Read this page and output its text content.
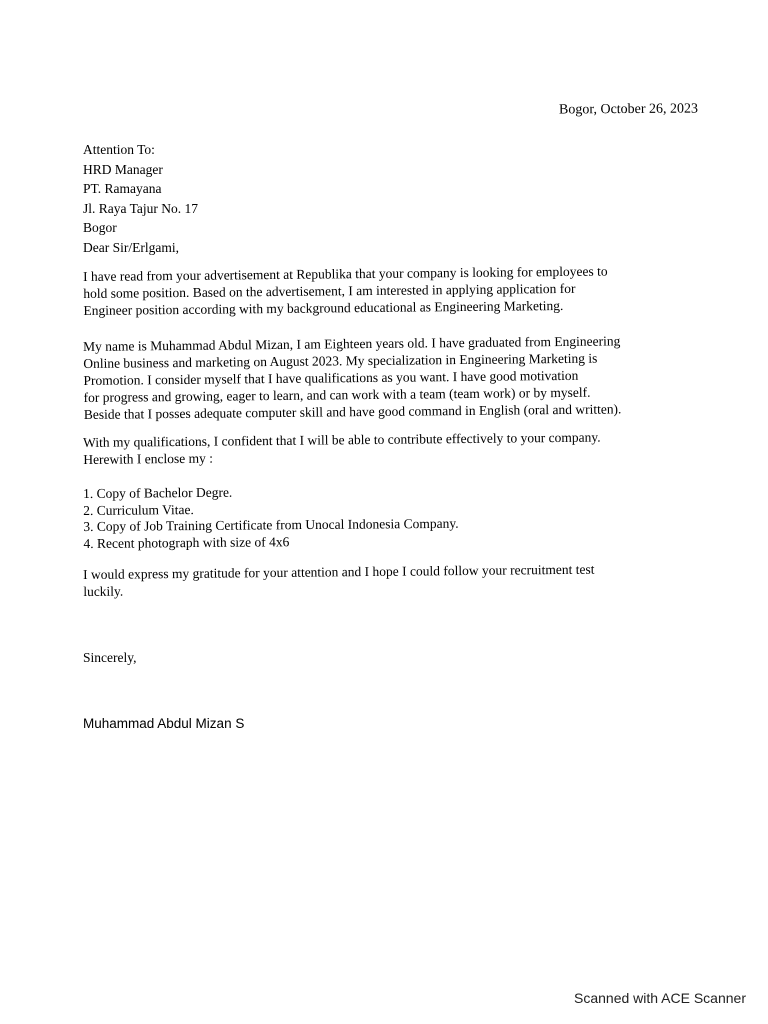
Bogor, October 26, 2023
Attention To:
HRD Manager
PT. Ramayana
Jl. Raya Tajur No. 17
Bogor
Dear Sir/Erlgami,
I have read from your advertisement at Republika that your company is looking for employees to
hold some position. Based on the advertisement, I am interested in applying application for
Engineer position according with my background educational as Engineering Marketing.
My name is Muhammad Abdul Mizan, I am Eighteen years old. I have graduated from Engineering
Online business and marketing on August 2023. My specialization in Engineering Marketing is
Promotion. I consider myself that I have qualifications as you want. I have good motivation
for progress and growing, eager to learn, and can work with a team (team work) or by myself.
Beside that I posses adequate computer skill and have good command in English (oral and written).
With my qualifications, I confident that I will be able to contribute effectively to your company.
Herewith I enclose my :
1. Copy of Bachelor Degre.
2. Curriculum Vitae.
3. Copy of Job Training Certificate from Unocal Indonesia Company.
4. Recent photograph with size of 4x6
I would express my gratitude for your attention and I hope I could follow your recruitment test
luckily.
Sincerely,
Muhammad Abdul Mizan S
Scanned with ACE Scanner
